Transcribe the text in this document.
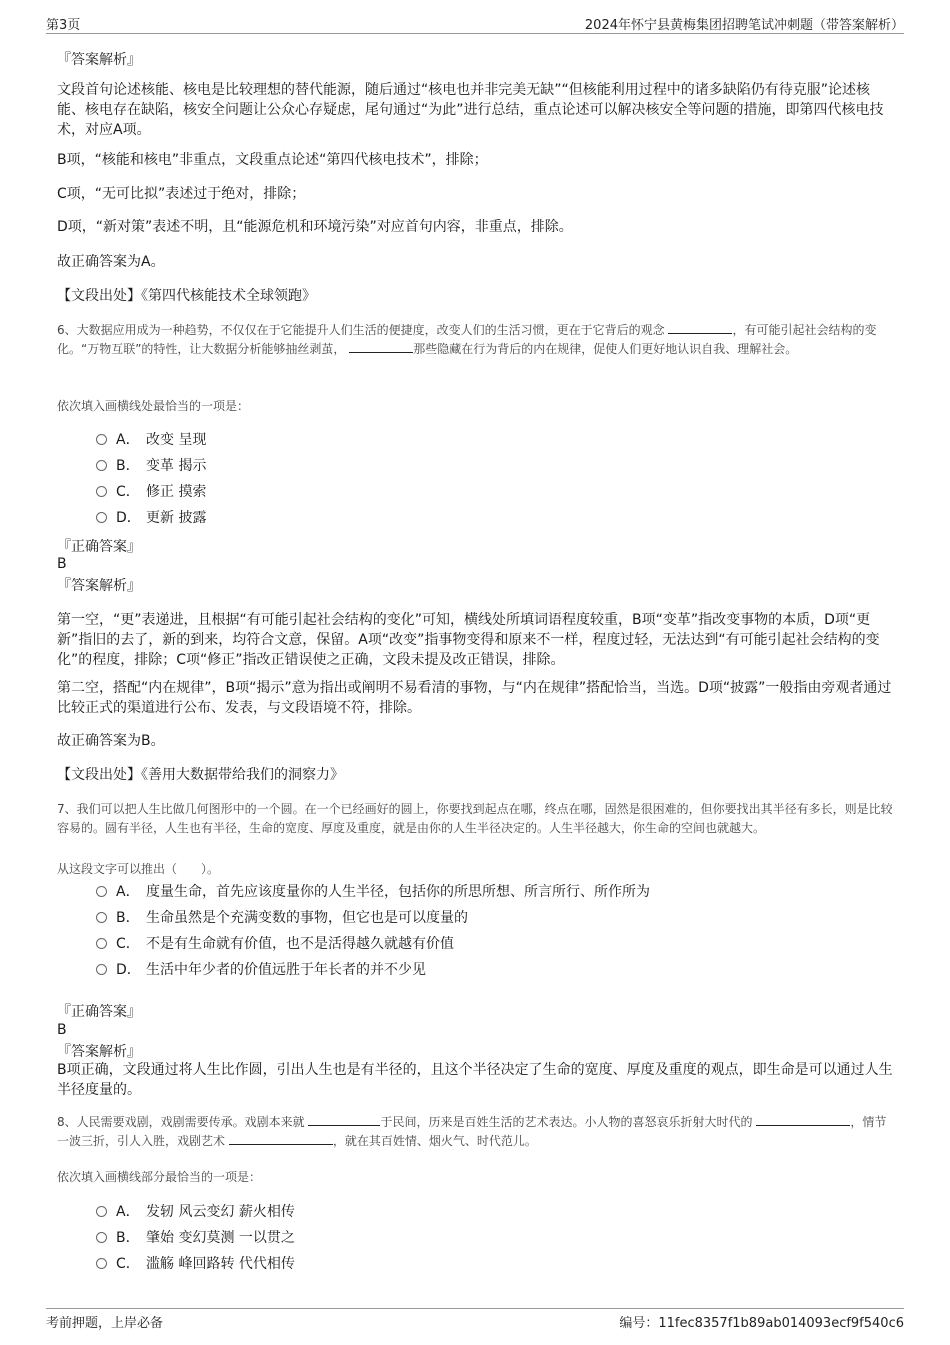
第3页	2024年怀宁县黄梅集团招聘笔试冲刺题（带答案解析）
『答案解析』
文段首句论述核能、核电是比较理想的替代能源，随后通过“核电也并非完美无缺”“但核能利用过程中的诸多缺陷仍有待克服”论述核能、核电存在缺陷，核安全问题让公众心存疑虑，尾句通过“为此”进行总结，重点论述可以解决核安全等问题的措施，即第四代核电技术，对应A项。
B项，“核能和核电”非重点，文段重点论述“第四代核电技术”，排除；
C项，“无可比拟”表述过于绝对，排除；
D项，“新对策”表述不明，且“能源危机和环境污染”对应首句内容，非重点，排除。
故正确答案为A。
【文段出处】《第四代核能技术全球领跑》
6、大数据应用成为一种趋势，不仅仅在于它能提升人们生活的便捷度，改变人们的生活习惯，更在于它背后的观念	，有可能引起社会结构的变化。“万物互联”的特性，让大数据分析能够抽丝剥茧，	那些隐藏在行为背后的内在规律，促使人们更好地认识自我、理解社会。
依次填入画横线处最恰当的一项是：
A． 改变 呈现
B． 变革 揭示
C． 修正 摸索
D． 更新 披露
『正确答案』
B
『答案解析』
第一空，“更”表递进，且根据“有可能引起社会结构的变化”可知，横线处所填词语程度较重，B项“变革”指改变事物的本质，D项“更新”指旧的去了，新的到来，均符合文意，保留。A项“改变”指事物变得和原来不一样，程度过轻，无法达到“有可能引起社会结构的变化”的程度，排除；C项“修正”指改正错误使之正确，文段未提及改正错误，排除。
第二空，搭配“内在规律”，B项“揭示”意为指出或阐明不易看清的事物，与“内在规律”搭配恰当，当选。D项“披露”一般指由旁观者通过比较正式的渠道进行公布、发表，与文段语境不符，排除。
故正确答案为B。
【文段出处】《善用大数据带给我们的洞察力》
7、我们可以把人生比做几何图形中的一个圆。在一个已经画好的圆上，你要找到起点在哪，终点在哪，固然是很困难的，但你要找出其半径有多长，则是比较容易的。圆有半径，人生也有半径，生命的宽度、厚度及重度，就是由你的人生半径决定的。人生半径越大，你生命的空间也就越大。
从这段文字可以推出（　　）。
A． 度量生命，首先应该度量你的人生半径，包括你的所思所想、所言所行、所作所为
B． 生命虽然是个充满变数的事物，但它也是可以度量的
C． 不是有生命就有价值，也不是活得越久就越有价值
D． 生活中年少者的价值远胜于年长者的并不少见
『正确答案』
B
『答案解析』
B项正确，文段通过将人生比作圆，引出人生也是有半径的，且这个半径决定了生命的宽度、厚度及重度的观点，即生命是可以通过人生半径度量的。
8、人民需要戏剧，戏剧需要传承。戏剧本来就	于民间，历来是百姓生活的艺术表达。小人物的喜怒哀乐折射大时代的	，情节一波三折，引人入胜，戏剧艺术	，就在其百姓情、烟火气、时代范儿。
依次填入画横线部分最恰当的一项是：
A． 发轫 风云变幻 薪火相传
B． 肇始 变幻莫测 一以贯之
C． 滥觞 峰回路转 代代相传
考前押题，上岸必备	编号：11fec8357f1b89ab014093ecf9f540c6
